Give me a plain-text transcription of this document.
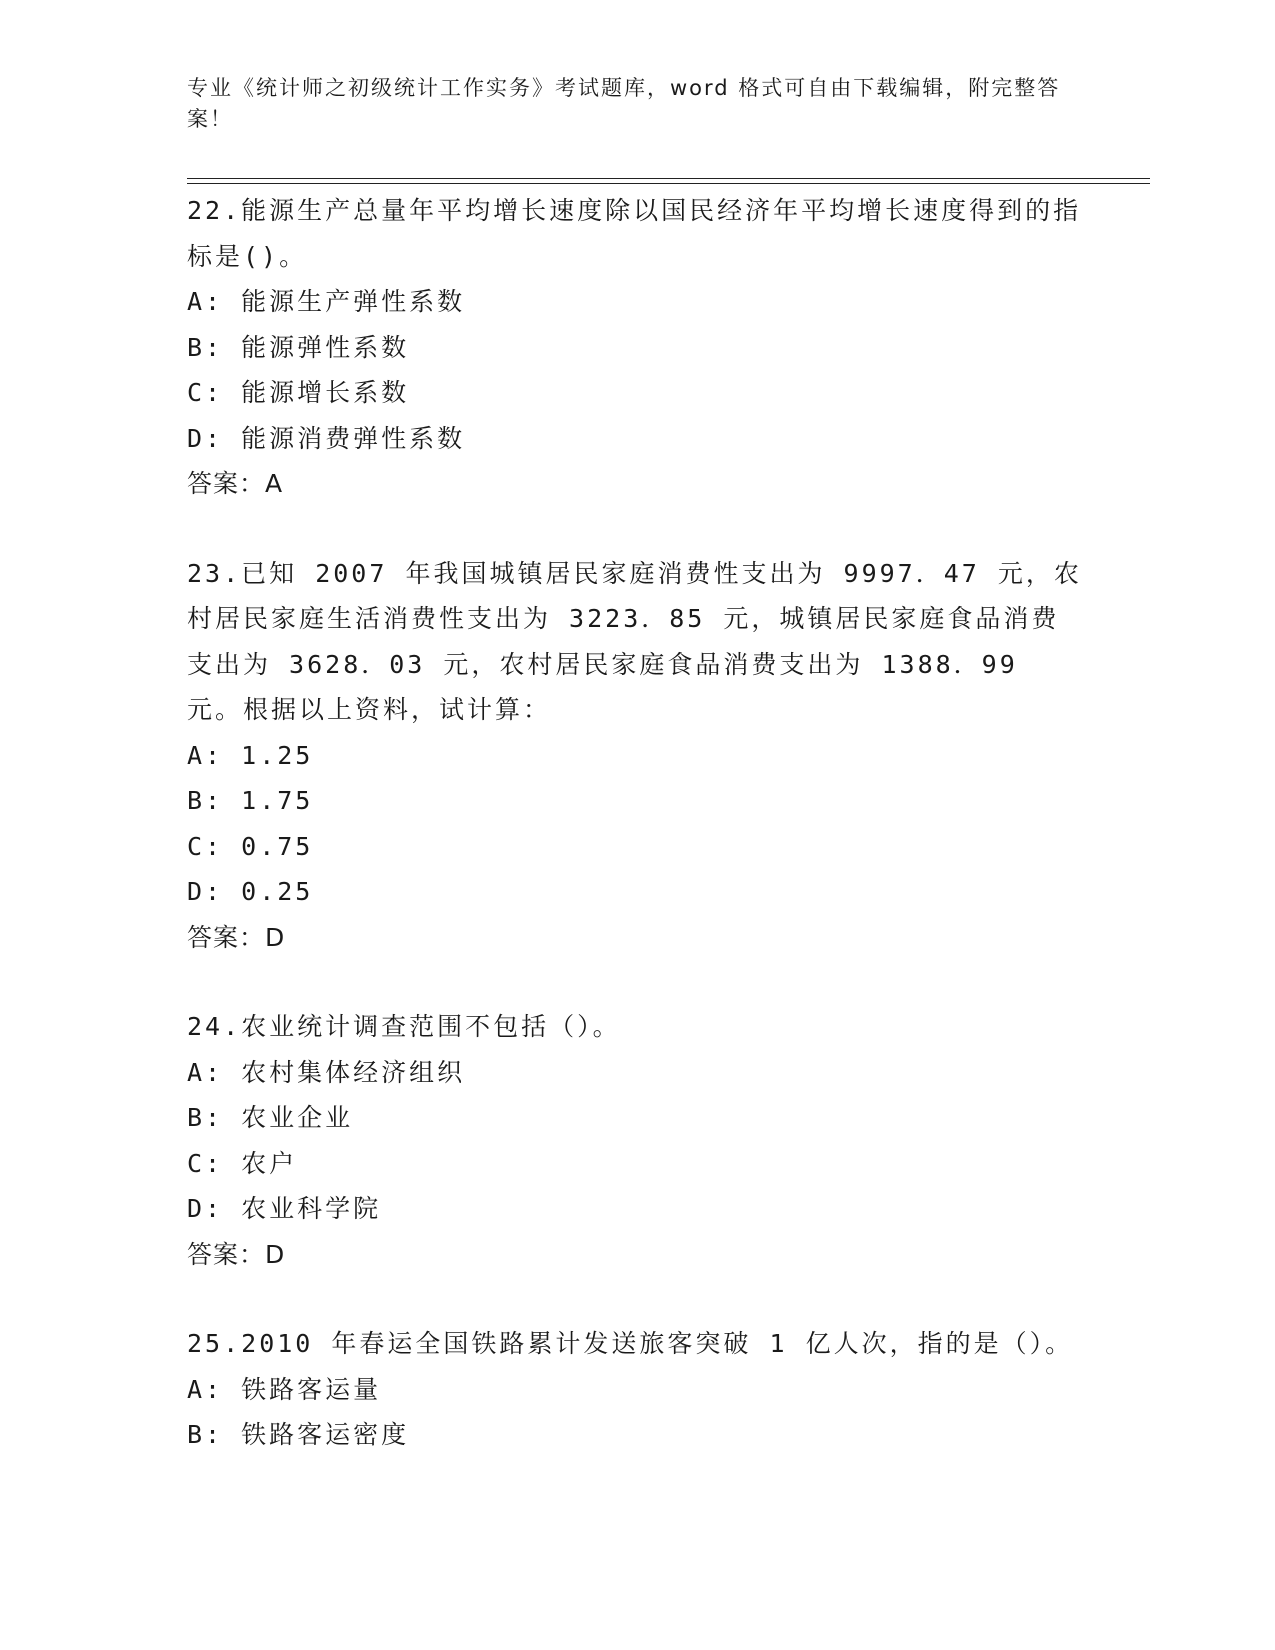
专业《统计师之初级统计工作实务》考试题库，word 格式可自由下载编辑，附完整答案！

22.能源生产总量年平均增长速度除以国民经济年平均增长速度得到的指标是()。

A: 能源生产弹性系数

B: 能源弹性系数

C: 能源增长系数

D: 能源消费弹性系数

答案：A

23.已知 2007 年我国城镇居民家庭消费性支出为 9997．47 元，农村居民家庭生活消费性支出为 3223．85 元，城镇居民家庭食品消费支出为 3628．03 元，农村居民家庭食品消费支出为 1388．99 元。根据以上资料，试计算：

A: 1.25

B: 1.75

C: 0.75

D: 0.25

答案：D

24.农业统计调查范围不包括（）。

A: 农村集体经济组织

B: 农业企业

C: 农户

D: 农业科学院

答案：D

25.2010 年春运全国铁路累计发送旅客突破 1 亿人次，指的是（）。

A: 铁路客运量

B: 铁路客运密度
